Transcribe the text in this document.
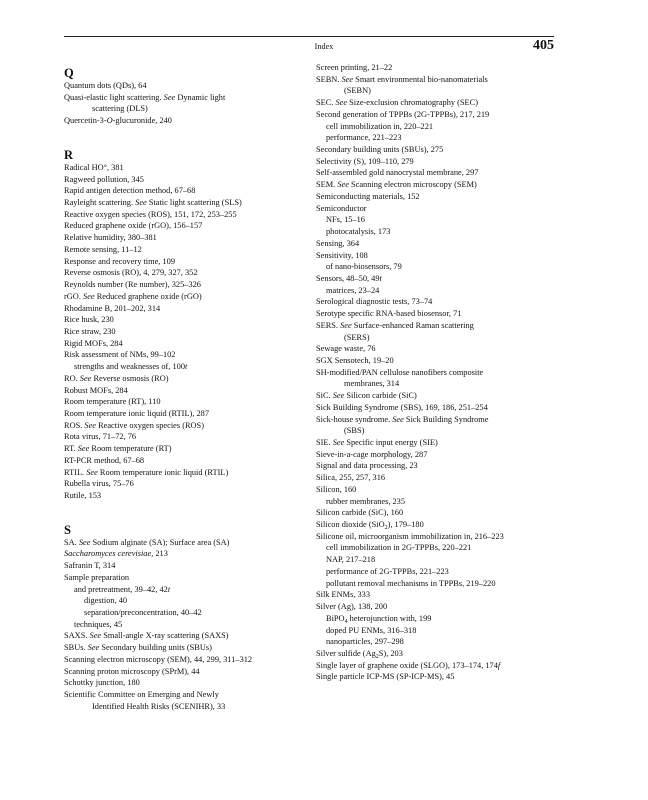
Index	405
Q
Quantum dots (QDs), 64
Quasi-elastic light scattering. See Dynamic light
scattering (DLS)
Quercetin-3-O-glucuronide, 240
R
Radical HO°, 381
Ragweed pollution, 345
Rapid antigen detection method, 67–68
Rayleight scattering. See Static light scattering (SLS)
Reactive oxygen species (ROS), 151, 172, 253–255
Reduced graphene oxide (rGO), 156–157
Relative humidity, 380–381
Remote sensing, 11–12
Response and recovery time, 109
Reverse osmosis (RO), 4, 279, 327, 352
Reynolds number (Re number), 325–326
rGO. See Reduced graphene oxide (rGO)
Rhodamine B, 201–202, 314
Rice husk, 230
Rice straw, 230
Rigid MOFs, 284
Risk assessment of NMs, 99–102
strengths and weaknesses of, 100t
RO. See Reverse osmosis (RO)
Robust MOFs, 284
Room temperature (RT), 110
Room temperature ionic liquid (RTIL), 287
ROS. See Reactive oxygen species (ROS)
Rota virus, 71–72, 76
RT. See Room temperature (RT)
RT-PCR method, 67–68
RTIL. See Room temperature ionic liquid (RTIL)
Rubella virus, 75–76
Rutile, 153
S
SA. See Sodium alginate (SA); Surface area (SA)
Saccharomyces cerevisiae, 213
Safranin T, 314
Sample preparation
and pretreatment, 39–42, 42t
digestion, 40
separation/preconcentration, 40–42
techniques, 45
SAXS. See Small-angle X-ray scattering (SAXS)
SBUs. See Secondary building units (SBUs)
Scanning electron microscopy (SEM), 44, 299, 311–312
Scanning proton microscopy (SPrM), 44
Schottky junction, 180
Scientific Committee on Emerging and Newly
Identified Health Risks (SCENIHR), 33
Screen printing, 21–22
SEBN. See Smart environmental bio-nanomaterials
(SEBN)
SEC. See Size-exclusion chromatography (SEC)
Second generation of TPPBs (2G-TPPBs), 217, 219
cell immobilization in, 220–221
performance, 221–223
Secondary building units (SBUs), 275
Selectivity (S), 109–110, 279
Self-assembled gold nanocrystal membrane, 297
SEM. See Scanning electron microscopy (SEM)
Semiconducting materials, 152
Semiconductor
NFs, 15–16
photocatalysis, 173
Sensing, 364
Sensitivity, 108
of nano-biosensors, 79
Sensors, 48–50, 49t
matrices, 23–24
Serological diagnostic tests, 73–74
Serotype specific RNA-based biosensor, 71
SERS. See Surface-enhanced Raman scattering
(SERS)
Sewage waste, 76
SGX Sensotech, 19–20
SH-modified/PAN cellulose nanofibers composite
membranes, 314
SiC. See Silicon carbide (SiC)
Sick Building Syndrome (SBS), 169, 186, 251–254
Sick-house syndrome. See Sick Building Syndrome
(SBS)
SIE. See Specific input energy (SIE)
Sieve-in-a-cage morphology, 287
Signal and data processing, 23
Silica, 255, 257, 316
Silicon, 160
rubber membranes, 235
Silicon carbide (SiC), 160
Silicon dioxide (SiO$_2$), 179–180
Silicone oil, microorganism immobilization in, 216–223
cell immobilization in 2G-TPPBs, 220–221
NAP, 217–218
performance of 2G-TPPBs, 221–223
pollutant removal mechanisms in TPPBs, 219–220
Silk ENMs, 333
Silver (Ag), 138, 200
BiPO$_4$ heterojunction with, 199
doped PU ENMs, 316–318
nanoparticles, 297–298
Silver sulfide $(Ag_2S)$, 203
Single layer of graphene oxide (SLGO), 173–174, 174f
Single particle ICP-MS (SP-ICP-MS), 45
